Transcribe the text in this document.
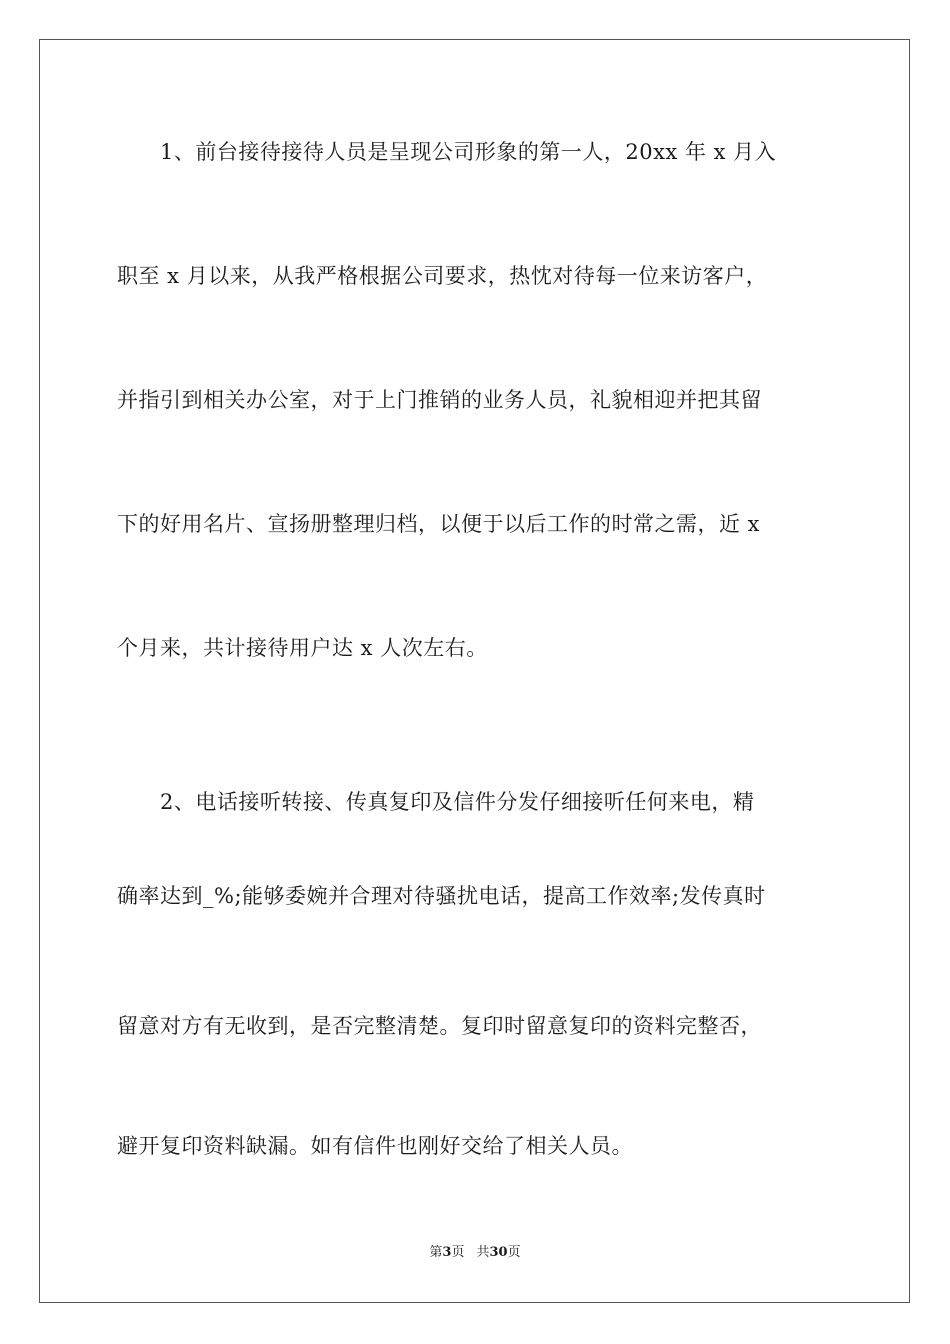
　　1、前台接待接待人员是呈现公司形象的第一人，20xx 年 x 月入
职至 x 月以来，从我严格根据公司要求，热忱对待每一位来访客户，
并指引到相关办公室，对于上门推销的业务人员，礼貌相迎并把其留
下的好用名片、宣扬册整理归档，以便于以后工作的时常之需，近 x
个月来，共计接待用户达 x 人次左右。
　　2、电话接听转接、传真复印及信件分发仔细接听任何来电，精
确率达到_%;能够委婉并合理对待骚扰电话，提高工作效率;发传真时
留意对方有无收到，是否完整清楚。复印时留意复印的资料完整否，
避开复印资料缺漏。如有信件也刚好交给了相关人员。
第3页 共30页
